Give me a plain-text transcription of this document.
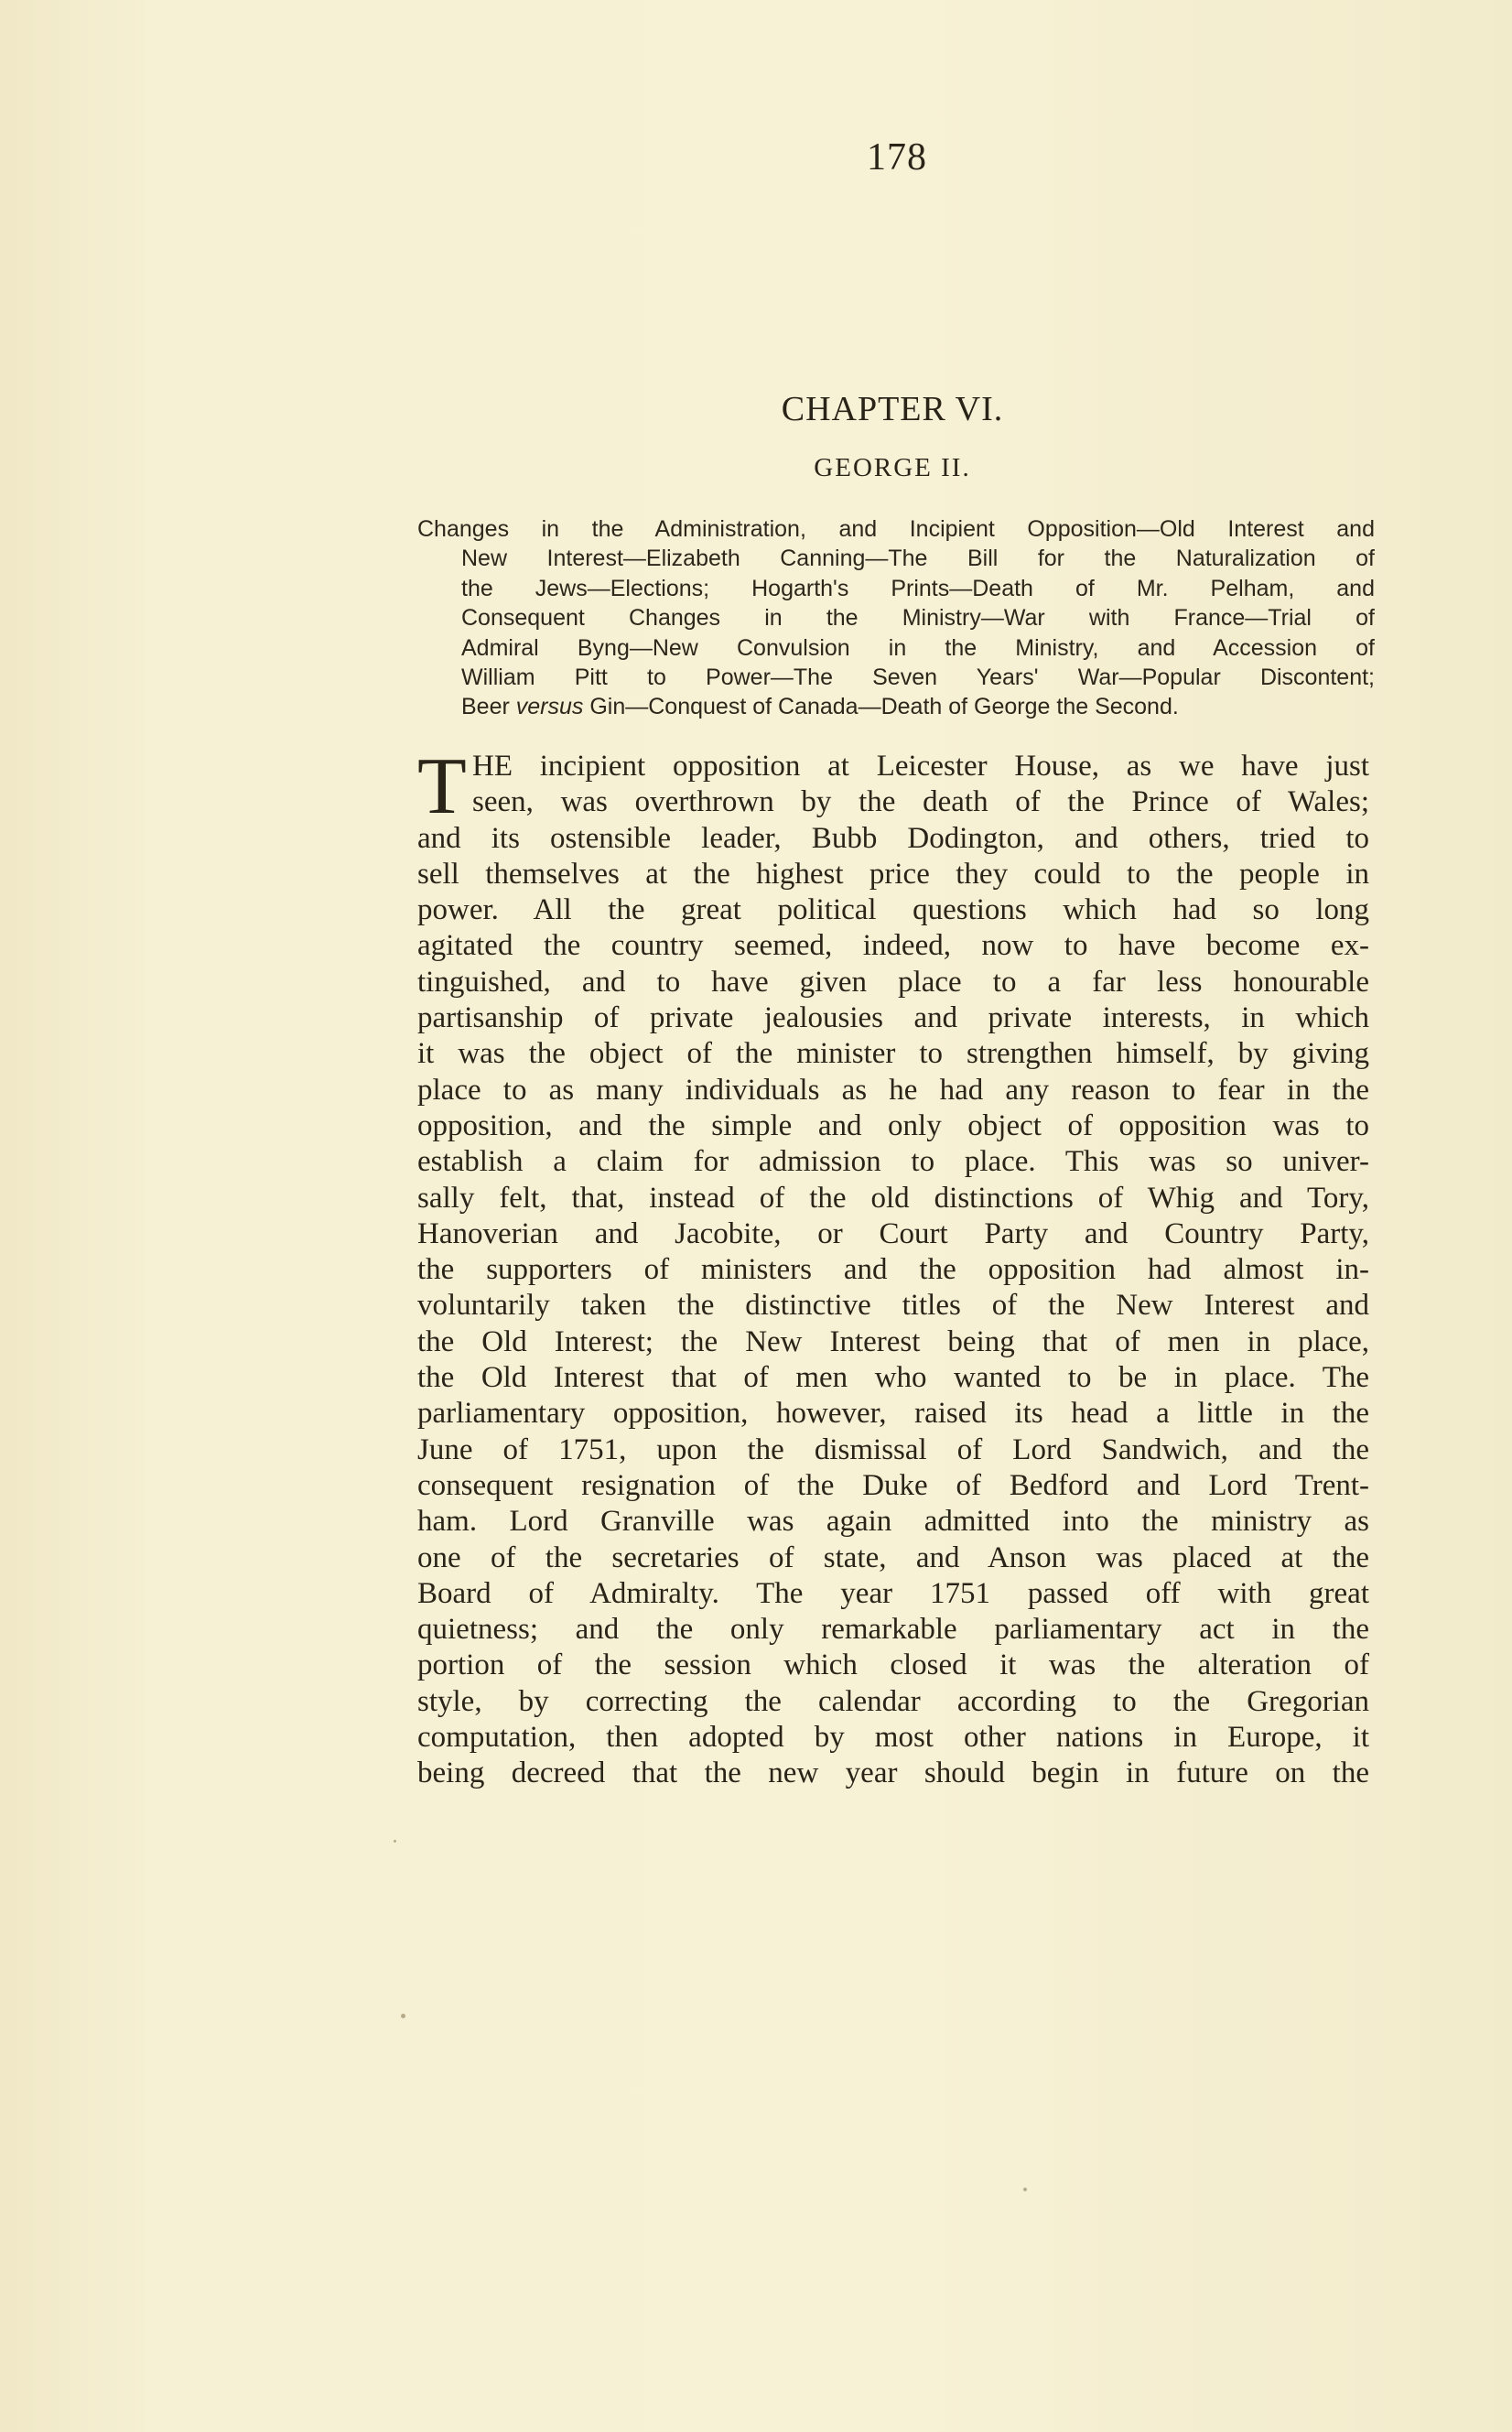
178
CHAPTER VI.
GEORGE II.
Changes in the Administration, and Incipient Opposition—Old Interest and
New Interest—Elizabeth Canning—The Bill for the Naturalization of
the Jews—Elections; Hogarth's Prints—Death of Mr. Pelham, and
Consequent Changes in the Ministry—War with France—Trial of
Admiral Byng—New Convulsion in the Ministry, and Accession of
William Pitt to Power—The Seven Years' War—Popular Discontent;
Beer versus Gin—Conquest of Canada—Death of George the Second.
T HE incipient opposition at Leicester House, as we have just
seen, was overthrown by the death of the Prince of Wales;
and its ostensible leader, Bubb Dodington, and others, tried to
sell themselves at the highest price they could to the people in
power. All the great political questions which had so long
agitated the country seemed, indeed, now to have become ex-
tinguished, and to have given place to a far less honourable
partisanship of private jealousies and private interests, in which
it was the object of the minister to strengthen himself, by giving
place to as many individuals as he had any reason to fear in the
opposition, and the simple and only object of opposition was to
establish a claim for admission to place. This was so univer-
sally felt, that, instead of the old distinctions of Whig and Tory,
Hanoverian and Jacobite, or Court Party and Country Party,
the supporters of ministers and the opposition had almost in-
voluntarily taken the distinctive titles of the New Interest and
the Old Interest; the New Interest being that of men in place,
the Old Interest that of men who wanted to be in place. The
parliamentary opposition, however, raised its head a little in the
June of 1751, upon the dismissal of Lord Sandwich, and the
consequent resignation of the Duke of Bedford and Lord Trent-
ham. Lord Granville was again admitted into the ministry as
one of the secretaries of state, and Anson was placed at the
Board of Admiralty. The year 1751 passed off with great
quietness; and the only remarkable parliamentary act in the
portion of the session which closed it was the alteration of
style, by correcting the calendar according to the Gregorian
computation, then adopted by most other nations in Europe, it
being decreed that the new year should begin in future on the
